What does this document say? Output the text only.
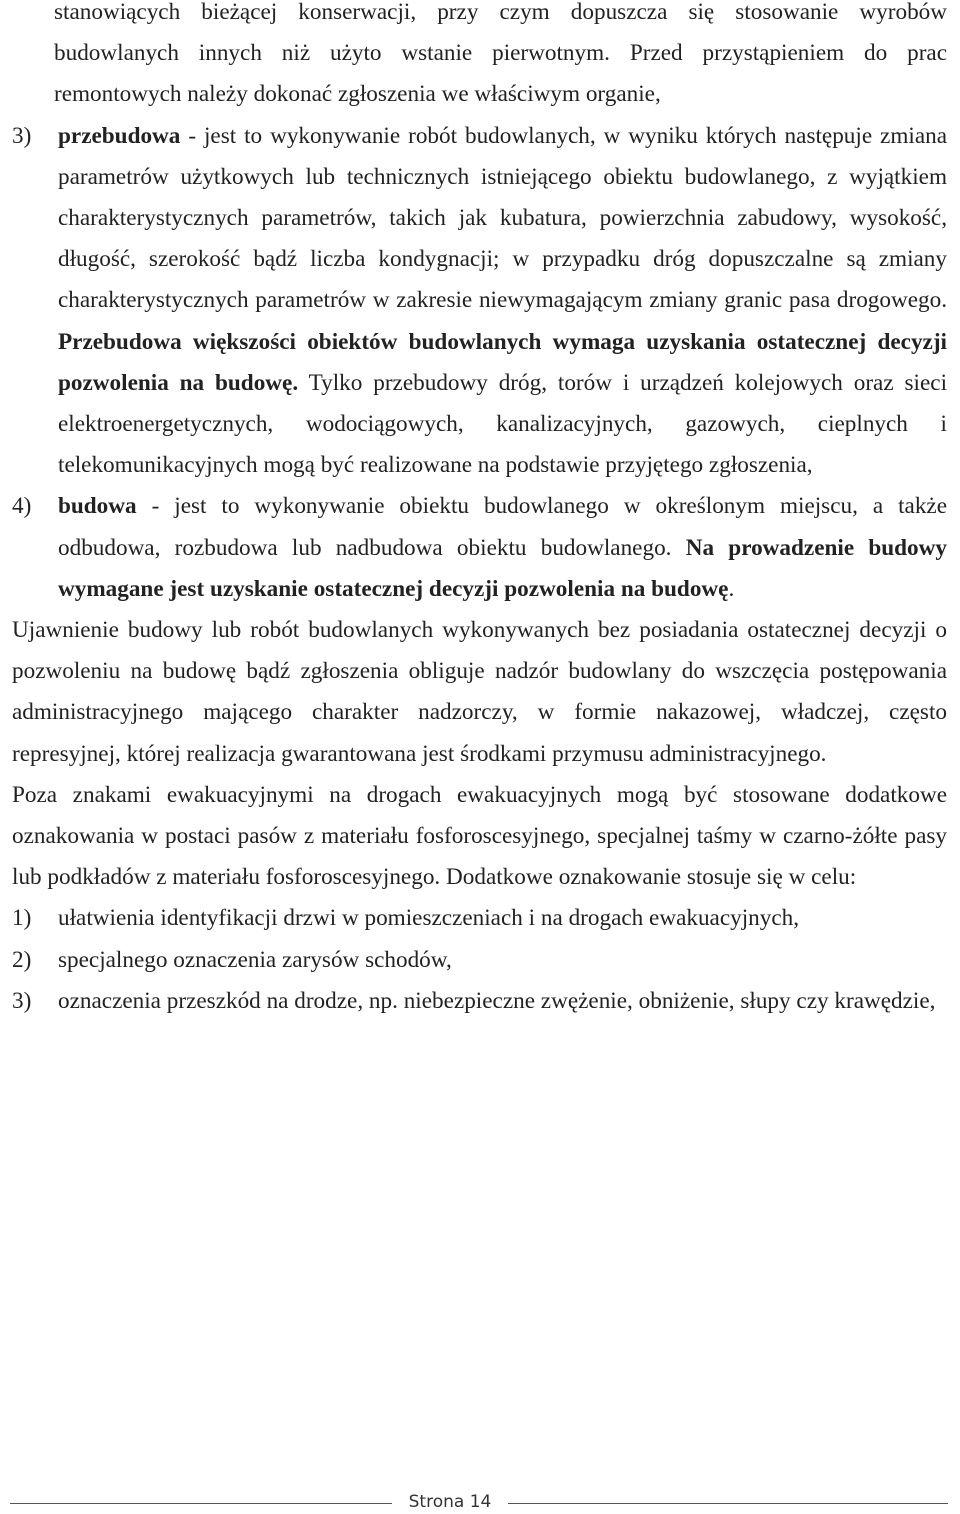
stanowiących bieżącej konserwacji, przy czym dopuszcza się stosowanie wyrobów budowlanych innych niż użyto wstanie pierwotnym. Przed przystąpieniem do prac remontowych należy dokonać zgłoszenia we właściwym organie,

3) przebudowa - jest to wykonywanie robót budowlanych, w wyniku których następuje zmiana parametrów użytkowych lub technicznych istniejącego obiektu budowlanego, z wyjątkiem charakterystycznych parametrów, takich jak kubatura, powierzchnia zabudowy, wysokość, długość, szerokość bądź liczba kondygnacji; w przypadku dróg dopuszczalne są zmiany charakterystycznych parametrów w zakresie niewymagającym zmiany granic pasa drogowego. Przebudowa większości obiektów budowlanych wymaga uzyskania ostatecznej decyzji pozwolenia na budowę. Tylko przebudowy dróg, torów i urządzeń kolejowych oraz sieci elektroenergetycznych, wodociągowych, kanalizacyjnych, gazowych, cieplnych i telekomunikacyjnych mogą być realizowane na podstawie przyjętego zgłoszenia,

4) budowa - jest to wykonywanie obiektu budowlanego w określonym miejscu, a także odbudowa, rozbudowa lub nadbudowa obiektu budowlanego. Na prowadzenie budowy wymagane jest uzyskanie ostatecznej decyzji pozwolenia na budowę.

Ujawnienie budowy lub robót budowlanych wykonywanych bez posiadania ostatecznej decyzji o pozwoleniu na budowę bądź zgłoszenia obliguje nadzór budowlany do wszczęcia postępowania administracyjnego mającego charakter nadzorczy, w formie nakazowej, władczej, często represyjnej, której realizacja gwarantowana jest środkami przymusu administracyjnego.

Poza znakami ewakuacyjnymi na drogach ewakuacyjnych mogą być stosowane dodatkowe oznakowania w postaci pasów z materiału fosforoscesyjnego, specjalnej taśmy w czarno-żółte pasy lub podkładów z materiału fosforoscesyjnego. Dodatkowe oznakowanie stosuje się w celu:

1) ułatwienia identyfikacji drzwi w pomieszczeniach i na drogach ewakuacyjnych,

2) specjalnego oznaczenia zarysów schodów,

3) oznaczenia przeszkód na drodze, np. niebezpieczne zwężenie, obniżenie, słupy czy krawędzie,

Strona 14
